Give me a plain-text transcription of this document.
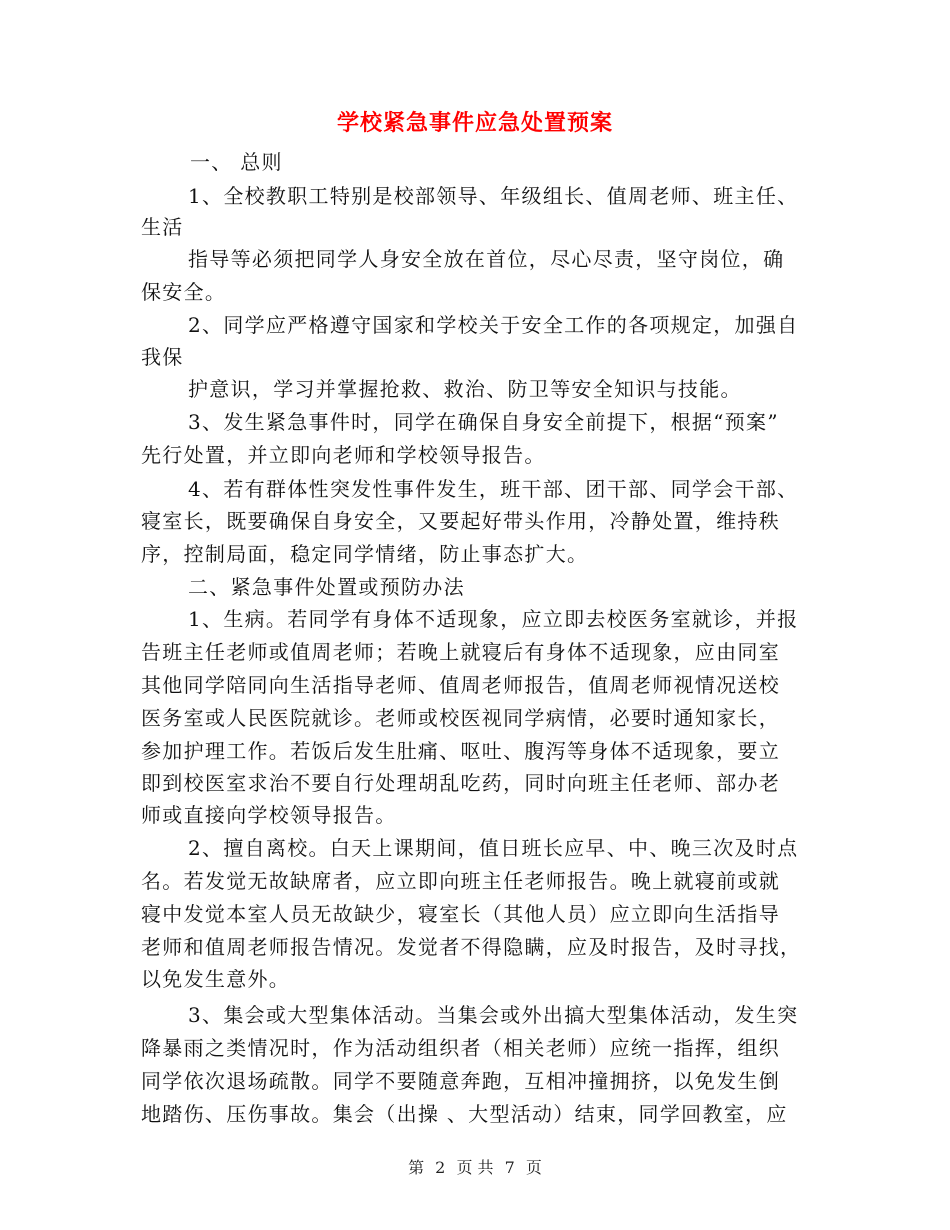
学校紧急事件应急处置预案
一、 总则
1、全校教职工特别是校部领导、年级组长、值周老师、班主任、
生活
指导等必须把同学人身安全放在首位，尽心尽责，坚守岗位，确
保安全。
2、同学应严格遵守国家和学校关于安全工作的各项规定，加强自
我保
护意识，学习并掌握抢救、救治、防卫等安全知识与技能。
3、发生紧急事件时，同学在确保自身安全前提下，根据“预案”
先行处置，并立即向老师和学校领导报告。
4、若有群体性突发性事件发生，班干部、团干部、同学会干部、
寝室长，既要确保自身安全，又要起好带头作用，冷静处置，维持秩
序，控制局面，稳定同学情绪，防止事态扩大。
二、紧急事件处置或预防办法
1、生病。若同学有身体不适现象，应立即去校医务室就诊，并报
告班主任老师或值周老师；若晚上就寝后有身体不适现象，应由同室
其他同学陪同向生活指导老师、值周老师报告，值周老师视情况送校
医务室或人民医院就诊。老师或校医视同学病情，必要时通知家长，
参加护理工作。若饭后发生肚痛、呕吐、腹泻等身体不适现象，要立
即到校医室求治不要自行处理胡乱吃药，同时向班主任老师、部办老
师或直接向学校领导报告。
2、擅自离校。白天上课期间，值日班长应早、中、晚三次及时点
名。若发觉无故缺席者，应立即向班主任老师报告。晚上就寝前或就
寝中发觉本室人员无故缺少，寝室长（其他人员）应立即向生活指导
老师和值周老师报告情况。发觉者不得隐瞒，应及时报告，及时寻找，
以免发生意外。
3、集会或大型集体活动。当集会或外出搞大型集体活动，发生突
降暴雨之类情况时，作为活动组织者（相关老师）应统一指挥，组织
同学依次退场疏散。同学不要随意奔跑，互相冲撞拥挤，以免发生倒
地踏伤、压伤事故。集会（出操 、大型活动）结束，同学回教室，应
第 2 页 共 7 页
